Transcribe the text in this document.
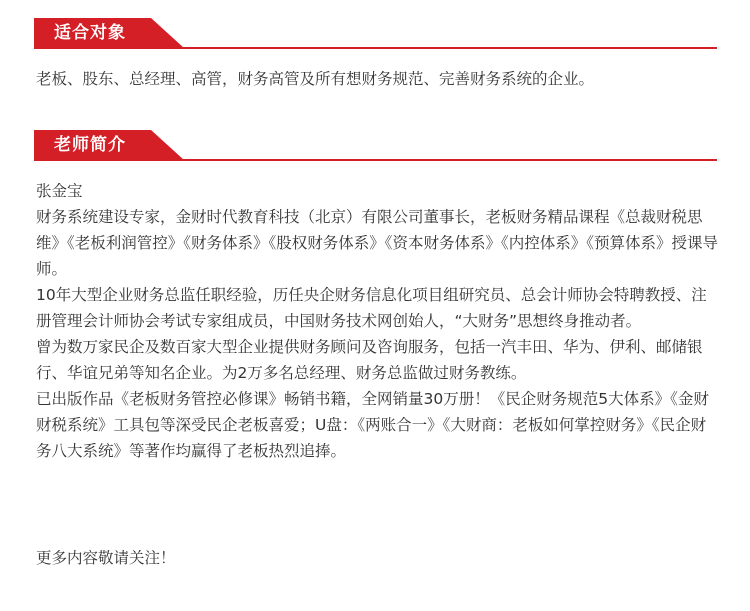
适合对象
老板、股东、总经理、高管，财务高管及所有想财务规范、完善财务系统的企业。
老师简介
张金宝
财务系统建设专家，金财时代教育科技（北京）有限公司董事长，老板财务精品课程《总裁财税思维》《老板利润管控》《财务体系》《股权财务体系》《资本财务体系》《内控体系》《预算体系》授课导师。
10年大型企业财务总监任职经验，历任央企财务信息化项目组研究员、总会计师协会特聘教授、注册管理会计师协会考试专家组成员，中国财务技术网创始人，“大财务”思想终身推动者。
曾为数万家民企及数百家大型企业提供财务顾问及咨询服务，包括一汽丰田、华为、伊利、邮储银行、华谊兄弟等知名企业。为2万多名总经理、财务总监做过财务教练。
已出版作品《老板财务管控必修课》畅销书籍，全网销量30万册！《民企财务规范5大体系》《金财财税系统》工具包等深受民企老板喜爱；U盘：《两账合一》《大财商：老板如何掌控财务》《民企财务八大系统》等著作均赢得了老板热烈追捧。
更多内容敬请关注！
